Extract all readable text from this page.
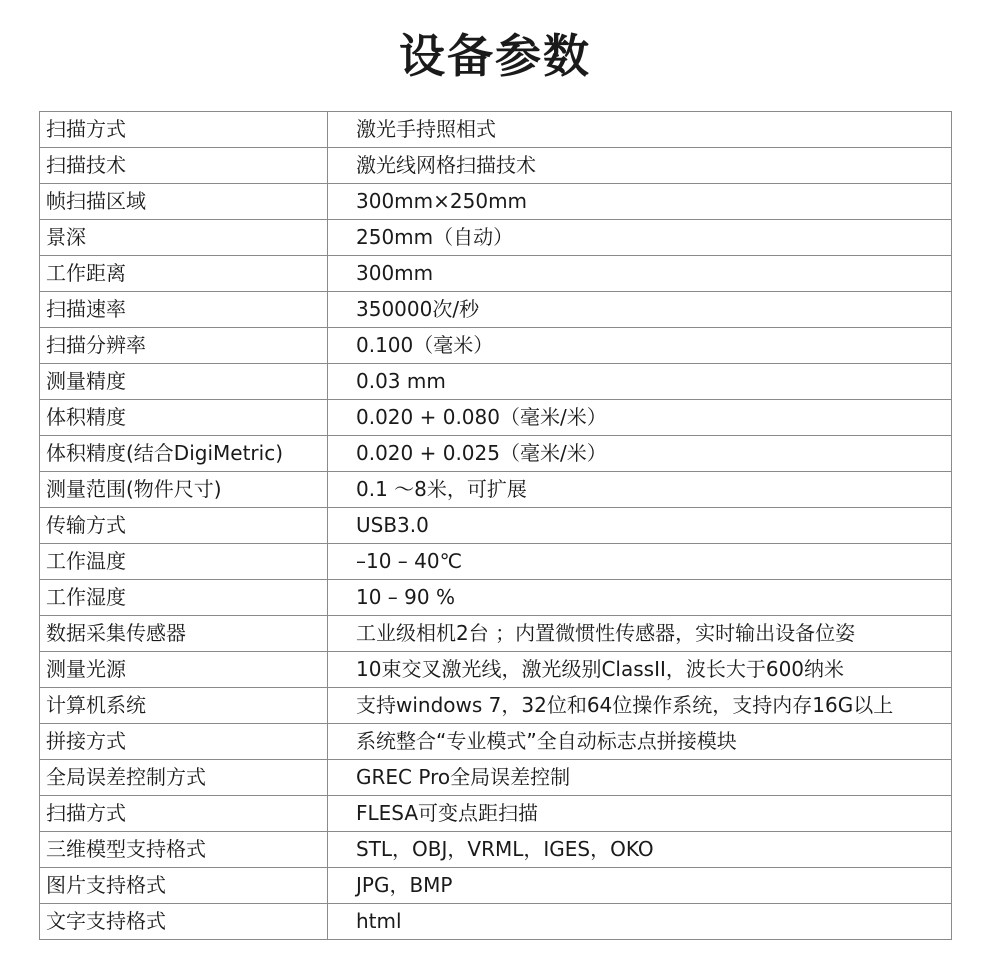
设备参数
扫描方式	激光手持照相式
扫描技术	激光线网格扫描技术
帧扫描区域	300mm×250mm
景深	250mm（自动）
工作距离	300mm
扫描速率	350000次/秒
扫描分辨率	0.100（毫米）
测量精度	0.03 mm
体积精度	0.020 + 0.080（毫米/米）
体积精度(结合DigiMetric)	0.020 + 0.025（毫米/米）
测量范围(物件尺寸)	0.1 ～8米，可扩展
传输方式	USB3.0
工作温度	–10 – 40℃
工作湿度	10 – 90 %
数据采集传感器	工业级相机2台 ；内置微惯性传感器，实时输出设备位姿
测量光源	10束交叉激光线，激光级别ClassII，波长大于600纳米
计算机系统	支持windows 7，32位和64位操作系统，支持内存16G以上
拼接方式	系统整合“专业模式”全自动标志点拼接模块
全局误差控制方式	GREC Pro全局误差控制
扫描方式	FLESA可变点距扫描
三维模型支持格式	STL，OBJ，VRML，IGES，OKO
图片支持格式	JPG，BMP
文字支持格式	html
